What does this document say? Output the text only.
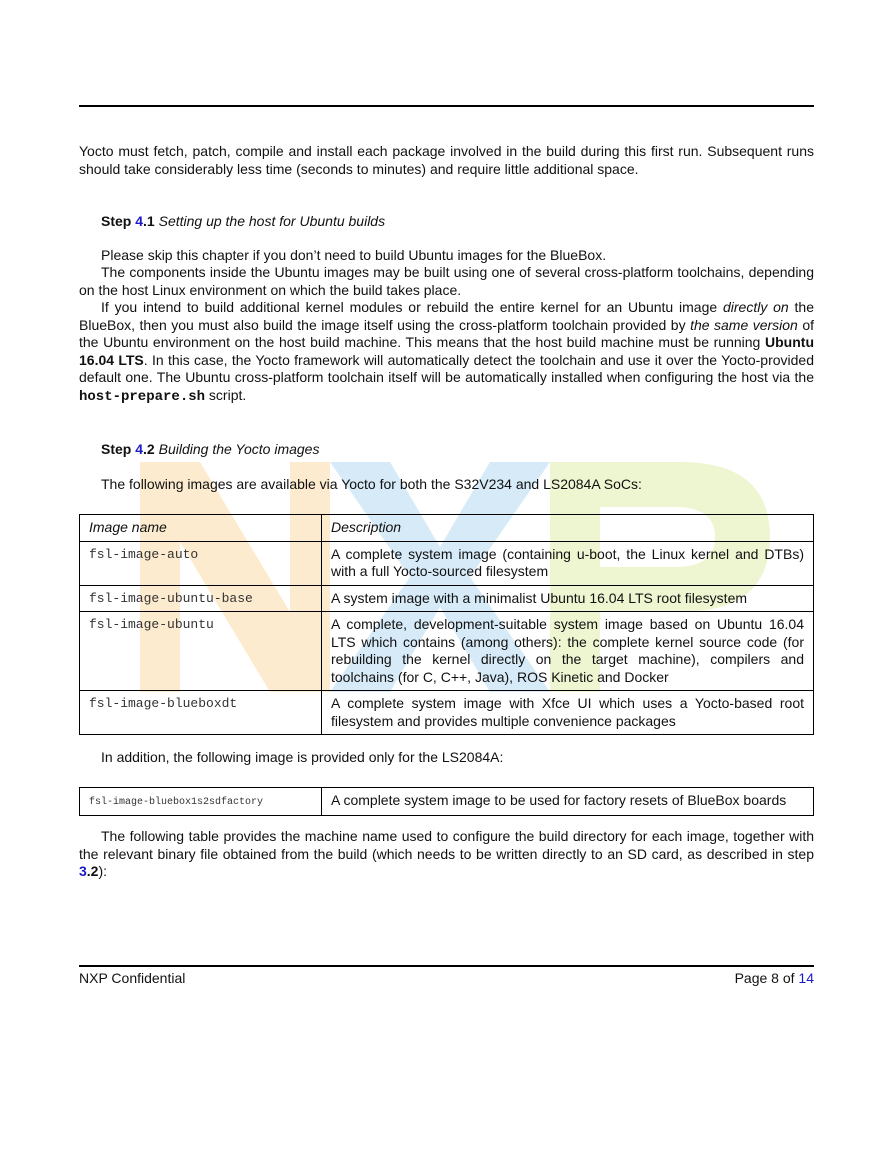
Yocto must fetch, patch, compile and install each package involved in the build during this first run. Subsequent runs should take considerably less time (seconds to minutes) and require little additional space.

Step 4.1 Setting up the host for Ubuntu builds

Please skip this chapter if you don’t need to build Ubuntu images for the BlueBox.

The components inside the Ubuntu images may be built using one of several cross-platform toolchains, depending on the host Linux environment on which the build takes place.

If you intend to build additional kernel modules or rebuild the entire kernel for an Ubuntu image directly on the BlueBox, then you must also build the image itself using the cross-platform toolchain provided by the same version of the Ubuntu environment on the host build machine. This means that the host build machine must be running Ubuntu 16.04 LTS. In this case, the Yocto framework will automatically detect the toolchain and use it over the Yocto-provided default one. The Ubuntu cross-platform toolchain itself will be automatically installed when configuring the host via the host-prepare.sh script.

Step 4.2 Building the Yocto images

The following images are available via Yocto for both the S32V234 and LS2084A SoCs:

Image name	Description
fsl-image-auto	A complete system image (containing u-boot, the Linux kernel and DTBs) with a full Yocto-sourced filesystem
fsl-image-ubuntu-base	A system image with a minimalist Ubuntu 16.04 LTS root filesystem
fsl-image-ubuntu	A complete, development-suitable system image based on Ubuntu 16.04 LTS which contains (among others): the complete kernel source code (for rebuilding the kernel directly on the target machine), compilers and toolchains (for C, C++, Java), ROS Kinetic and Docker
fsl-image-blueboxdt	A complete system image with Xfce UI which uses a Yocto-based root filesystem and provides multiple convenience packages

In addition, the following image is provided only for the LS2084A:

fsl-image-bluebox1s2sdfactory	A complete system image to be used for factory resets of BlueBox boards

The following table provides the machine name used to configure the build directory for each image, together with the relevant binary file obtained from the build (which needs to be written directly to an SD card, as described in step 3.2):

NXP Confidential	Page 8 of 14
